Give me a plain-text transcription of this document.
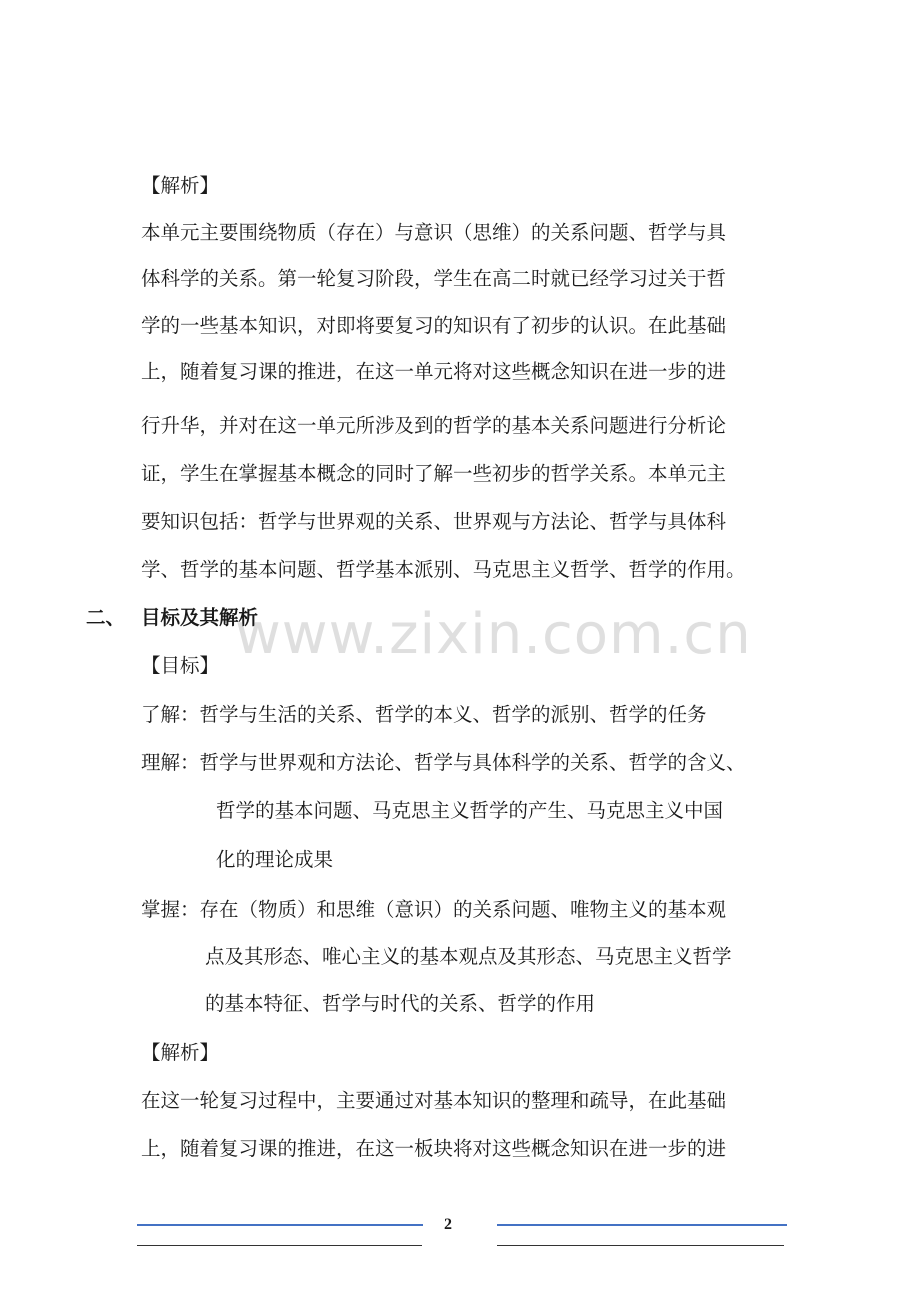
【解析】
本单元主要围绕物质（存在）与意识（思维）的关系问题、哲学与具
体科学的关系。第一轮复习阶段，学生在高二时就已经学习过关于哲
学的一些基本知识，对即将要复习的知识有了初步的认识。在此基础
上，随着复习课的推进，在这一单元将对这些概念知识在进一步的进
行升华，并对在这一单元所涉及到的哲学的基本关系问题进行分析论
证，学生在掌握基本概念的同时了解一些初步的哲学关系。本单元主
要知识包括：哲学与世界观的关系、世界观与方法论、哲学与具体科
学、哲学的基本问题、哲学基本派别、马克思主义哲学、哲学的作用。
二、 目标及其解析
www.zixin.com.cn
【目标】
了解：哲学与生活的关系、哲学的本义、哲学的派别、哲学的任务
理解：哲学与世界观和方法论、哲学与具体科学的关系、哲学的含义、
哲学的基本问题、马克思主义哲学的产生、马克思主义中国
化的理论成果
掌握：存在（物质）和思维（意识）的关系问题、唯物主义的基本观
点及其形态、唯心主义的基本观点及其形态、马克思主义哲学
的基本特征、哲学与时代的关系、哲学的作用
【解析】
在这一轮复习过程中，主要通过对基本知识的整理和疏导，在此基础
上，随着复习课的推进，在这一板块将对这些概念知识在进一步的进
2
